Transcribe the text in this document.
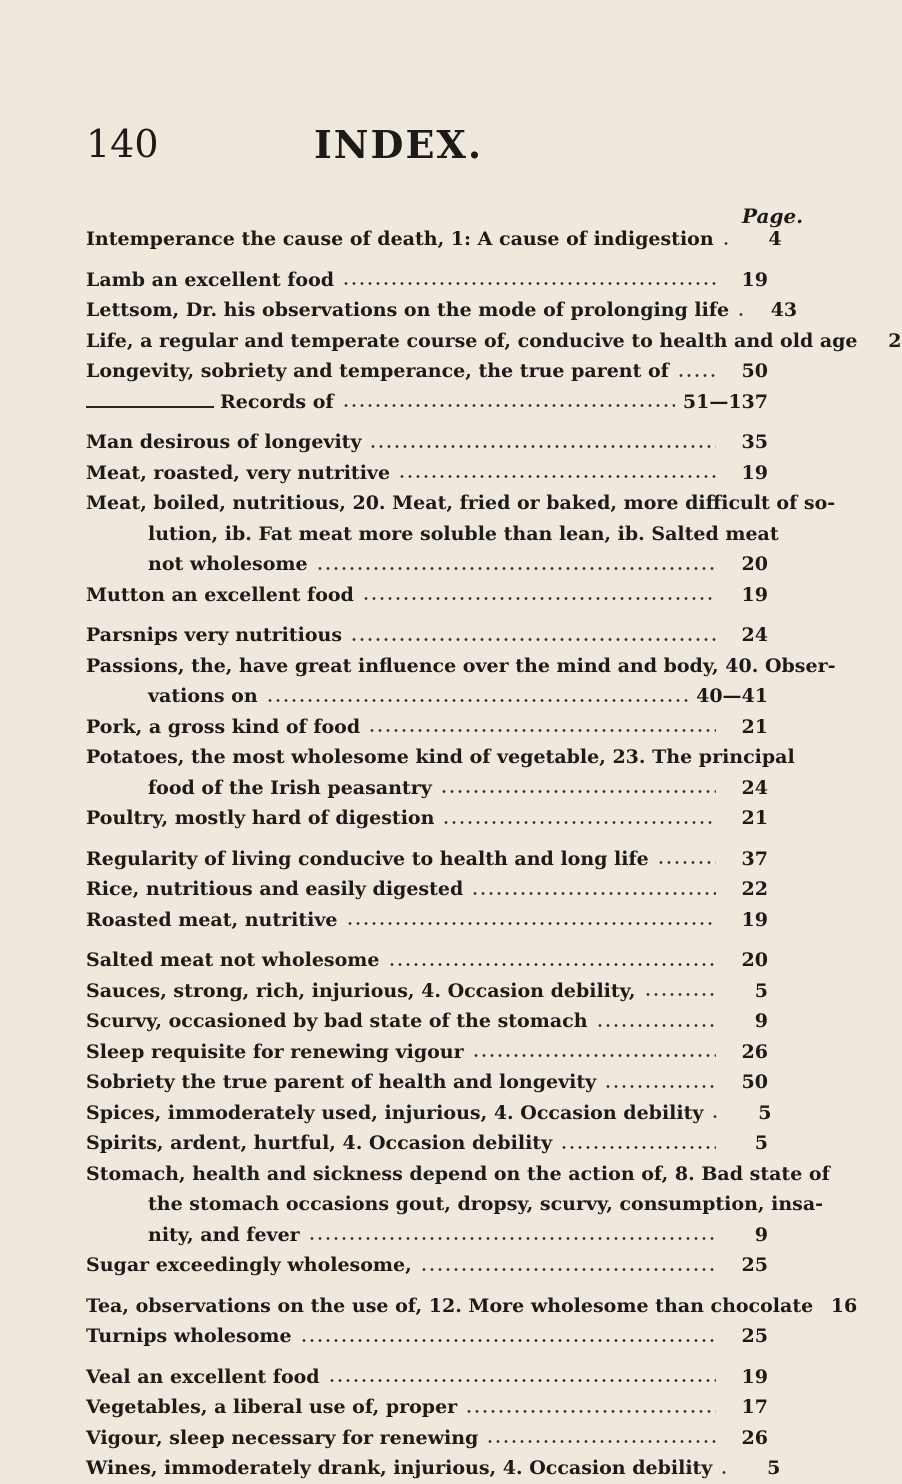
140	INDEX.
Page.
Intemperance the cause of death, 1: A cause of indigestion	4
Lamb an excellent food	19
Lettsom, Dr. his observations on the mode of prolonging life	43
Life, a regular and temperate course of, conducive to health and old age	2
Longevity, sobriety and temperance, the true parent of	50
Records of	51—137
Man desirous of longevity	35
Meat, roasted, very nutritive	19
Meat, boiled, nutritious, 20. Meat, fried or baked, more difficult of so-
lution, ib. Fat meat more soluble than lean, ib. Salted meat
not wholesome	20
Mutton an excellent food	19
Parsnips very nutritious	24
Passions, the, have great influence over the mind and body, 40. Obser-
vations on	40—41
Pork, a gross kind of food	21
Potatoes, the most wholesome kind of vegetable, 23. The principal
food of the Irish peasantry	24
Poultry, mostly hard of digestion	21
Regularity of living conducive to health and long life	37
Rice, nutritious and easily digested	22
Roasted meat, nutritive	19
Salted meat not wholesome	20
Sauces, strong, rich, injurious, 4. Occasion debility,	5
Scurvy, occasioned by bad state of the stomach	9
Sleep requisite for renewing vigour	26
Sobriety the true parent of health and longevity	50
Spices, immoderately used, injurious, 4. Occasion debility	5
Spirits, ardent, hurtful, 4. Occasion debility	5
Stomach, health and sickness depend on the action of, 8. Bad state of
the stomach occasions gout, dropsy, scurvy, consumption, insa-
nity, and fever	9
Sugar exceedingly wholesome,	25
Tea, observations on the use of, 12. More wholesome than chocolate 16
Turnips wholesome	25
Veal an excellent food	19
Vegetables, a liberal use of, proper	17
Vigour, sleep necessary for renewing	26
Wines, immoderately drank, injurious, 4. Occasion debility	5
